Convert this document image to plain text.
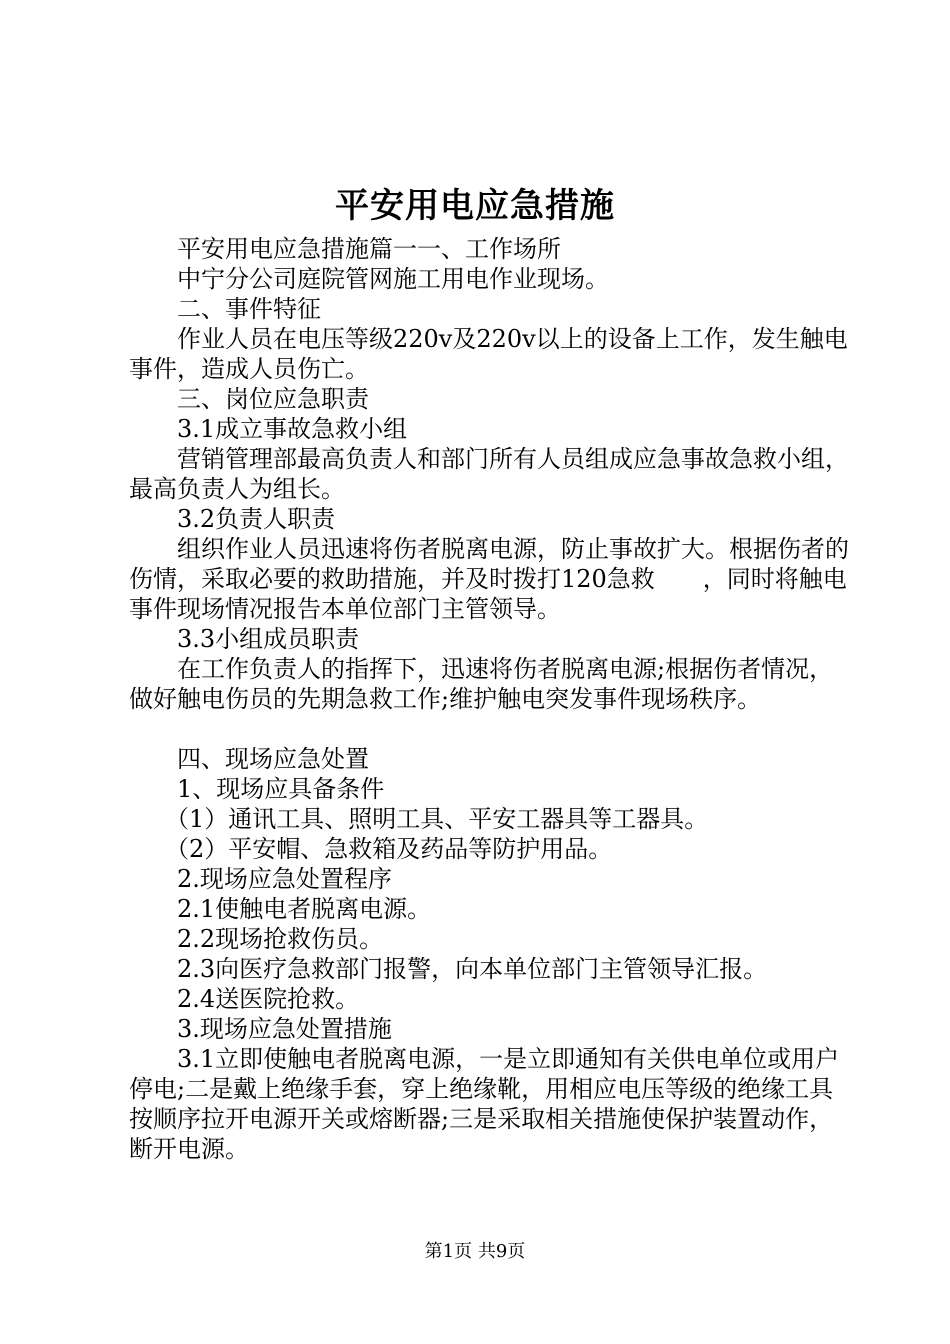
平安用电应急措施

平安用电应急措施篇一一、工作场所

中宁分公司庭院管网施工用电作业现场。

二、事件特征

作业人员在电压等级220v及220v以上的设备上工作，发生触电事件，造成人员伤亡。

三、岗位应急职责

3.1成立事故急救小组

营销管理部最高负责人和部门所有人员组成应急事故急救小组，最高负责人为组长。

3.2负责人职责

组织作业人员迅速将伤者脱离电源，防止事故扩大。根据伤者的伤情，采取必要的救助措施，并及时拨打120急救　　，同时将触电事件现场情况报告本单位部门主管领导。

3.3小组成员职责

在工作负责人的指挥下，迅速将伤者脱离电源;根据伤者情况，做好触电伤员的先期急救工作;维护触电突发事件现场秩序。

四、现场应急处置

1、现场应具备条件

（1）通讯工具、照明工具、平安工器具等工器具。

（2）平安帽、急救箱及药品等防护用品。

2.现场应急处置程序

2.1使触电者脱离电源。

2.2现场抢救伤员。

2.3向医疗急救部门报警，向本单位部门主管领导汇报。

2.4送医院抢救。

3.现场应急处置措施

3.1立即使触电者脱离电源，一是立即通知有关供电单位或用户停电;二是戴上绝缘手套，穿上绝缘靴，用相应电压等级的绝缘工具按顺序拉开电源开关或熔断器;三是采取相关措施使保护装置动作，断开电源。

第1页 共9页
